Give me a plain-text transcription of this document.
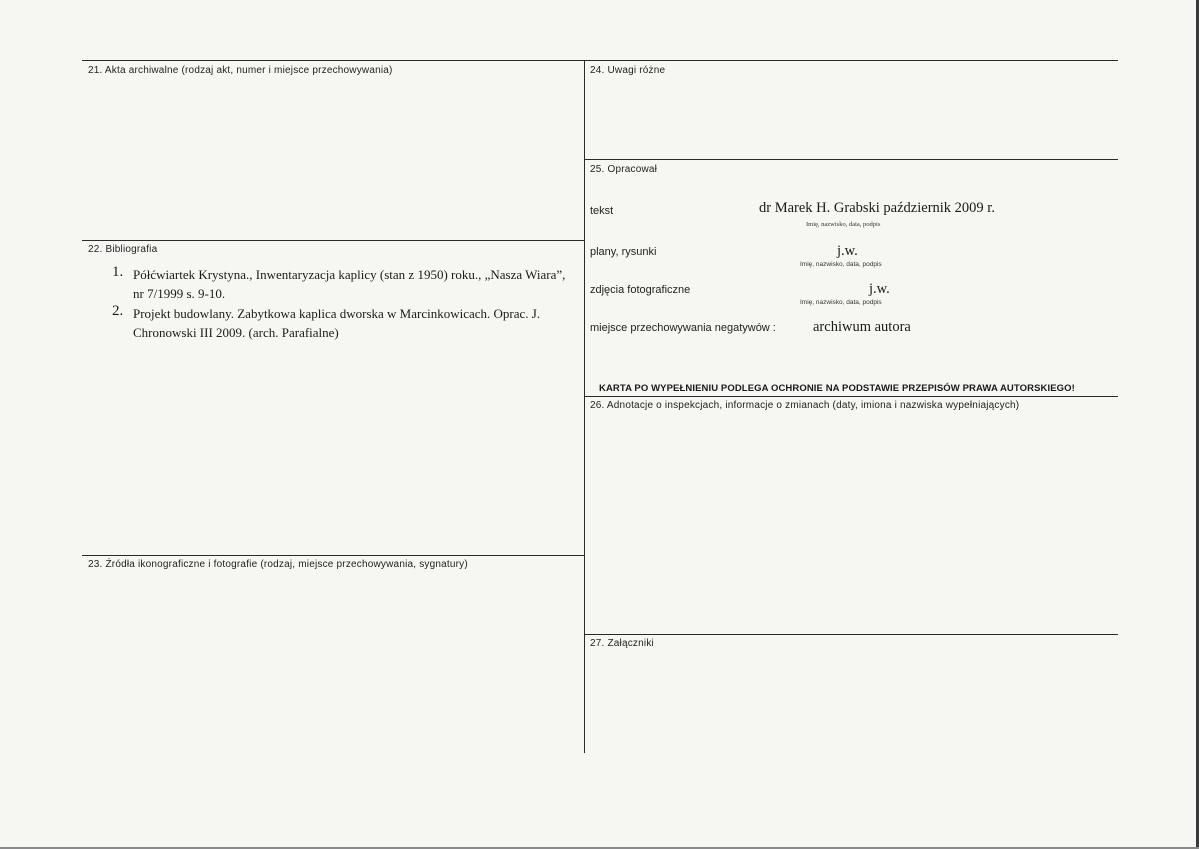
21. Akta archiwalne (rodzaj akt, numer i miejsce przechowywania)
22. Bibliografia
23. Źródła ikonograficzne i fotografie (rodzaj, miejsce przechowywania, sygnatury)
24. Uwagi różne
25. Opracował
26. Adnotacje o inspekcjach, informacje o zmianach (daty, imiona i nazwiska wypełniających)
27. Załączniki
1. Półćwiartek Krystyna., Inwentaryzacja kaplicy (stan z 1950) roku., „Nasza Wiara”, nr 7/1999 s. 9-10.
2. Projekt budowlany. Zabytkowa kaplica dworska w Marcinkowicach. Oprac. J. Chronowski III 2009. (arch. Parafialne)
tekst	dr Marek H. Grabski październik 2009 r.
Imię, nazwisko, data, podpis
plany, rysunki	j.w.
Imię, nazwisko, data, podpis
zdjęcia fotograficzne	j.w.
Imię, nazwisko, data, podpis
miejsce przechowywania negatywów :	archiwum autora
KARTA PO WYPEŁNIENIU PODLEGA OCHRONIE NA PODSTAWIE PRZEPISÓW PRAWA AUTORSKIEGO!
